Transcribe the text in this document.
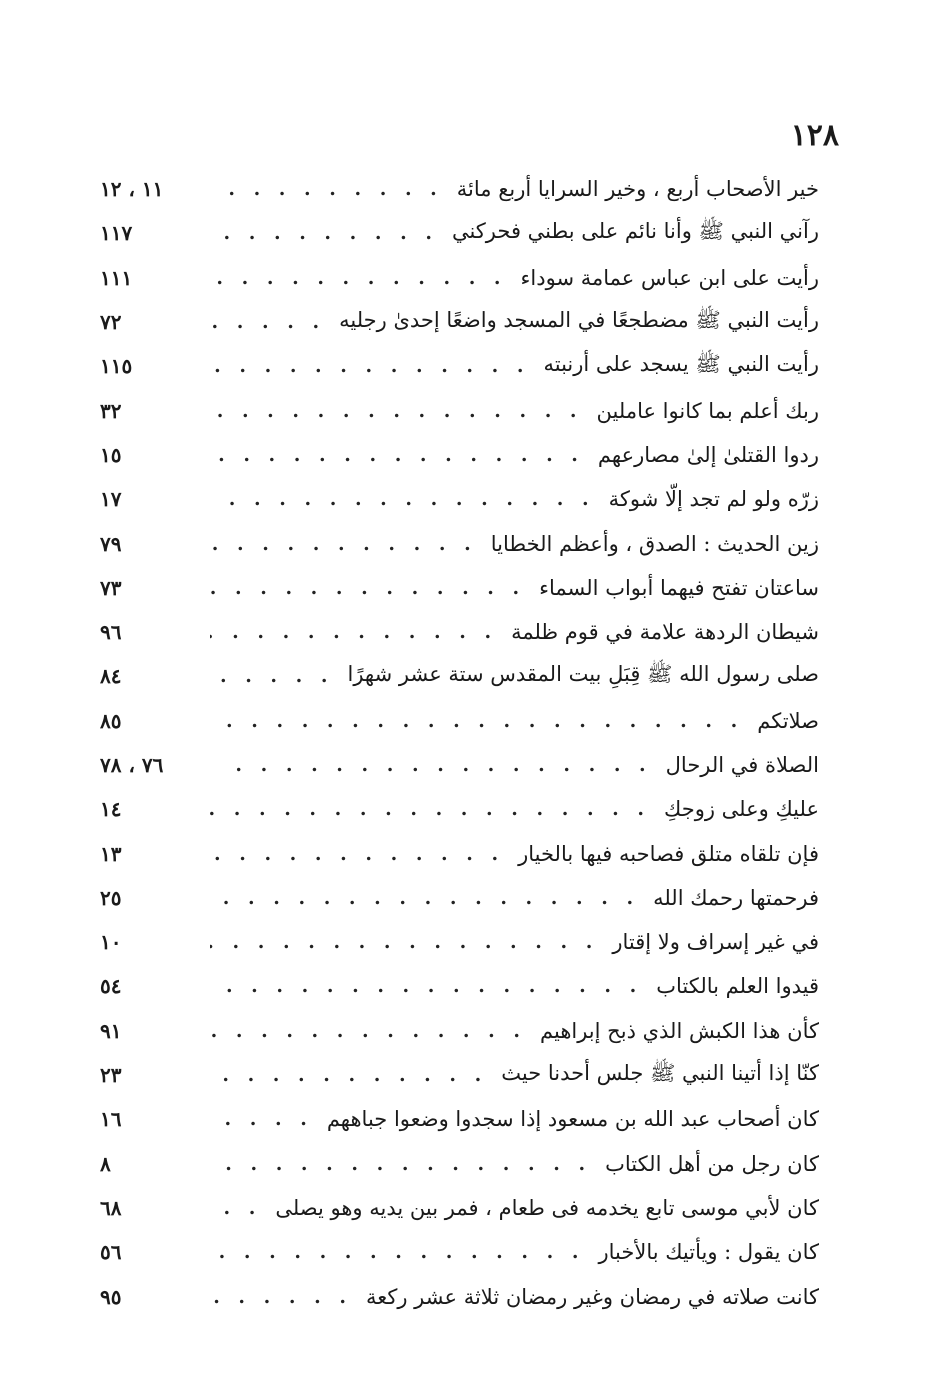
١٢٨
١١ ، ١٢ . . .	خير الأصحاب أربع ، وخير السرايا أربع مائة
١١٧ . . .	رآني النبي ﷺ وأنا نائم على بطني فحركني
١١١ . . .	رأيت على ابن عباس عمامة سوداء
٧٢ . . .	رأيت النبي ﷺ مضطجعًا في المسجد واضعًا إحدىٰ رجليه
١١٥ . . .	رأيت النبي ﷺ يسجد على أرنبته
٣٢ . . .	ربك أعلم بما كانوا عاملين
١٥ . . .	ردوا القتلىٰ إلىٰ مصارعهم
١٧ . . .	زرّه ولو لم تجد إلّا شوكة
٧٩ . . .	زين الحديث : الصدق ، وأعظم الخطايا
٧٣ . . .	ساعتان تفتح فيهما أبواب السماء
٩٦ . . .	شيطان الردهة علامة في قوم ظلمة
٨٤ . . .	صلى رسول الله ﷺ قِبَلِ بيت المقدس ستة عشر شهرًا
٨٥ . . .	صلاتكم
٧٦ ، ٧٨ . . .	الصلاة في الرحال
١٤ . . .	عليكِ وعلى زوجكِ
١٣ . . .	فإن تلقاه متلق فصاحبه فيها بالخيار
٢٥ . . .	فرحمتها رحمك الله
١٠ . . .	في غير إسراف ولا إقتار
٥٤ . . .	قيدوا العلم بالكتاب
٩١ . . .	كأن هذا الكبش الذي ذبح إبراهيم
٢٣ . . .	كنّا إذا أتينا النبي ﷺ جلس أحدنا حيث
١٦ . . .	كان أصحاب عبد الله بن مسعود إذا سجدوا وضعوا جباههم
٨ . . .	كان رجل من أهل الكتاب
٦٨ . . .	كان لأبي موسى تابع يخدمه فى طعام ، فمر بين يديه وهو يصلى
٥٦ . . .	كان يقول : ويأتيك بالأخبار
٩٥ . . .	كانت صلاته في رمضان وغير رمضان ثلاثة عشر ركعة
